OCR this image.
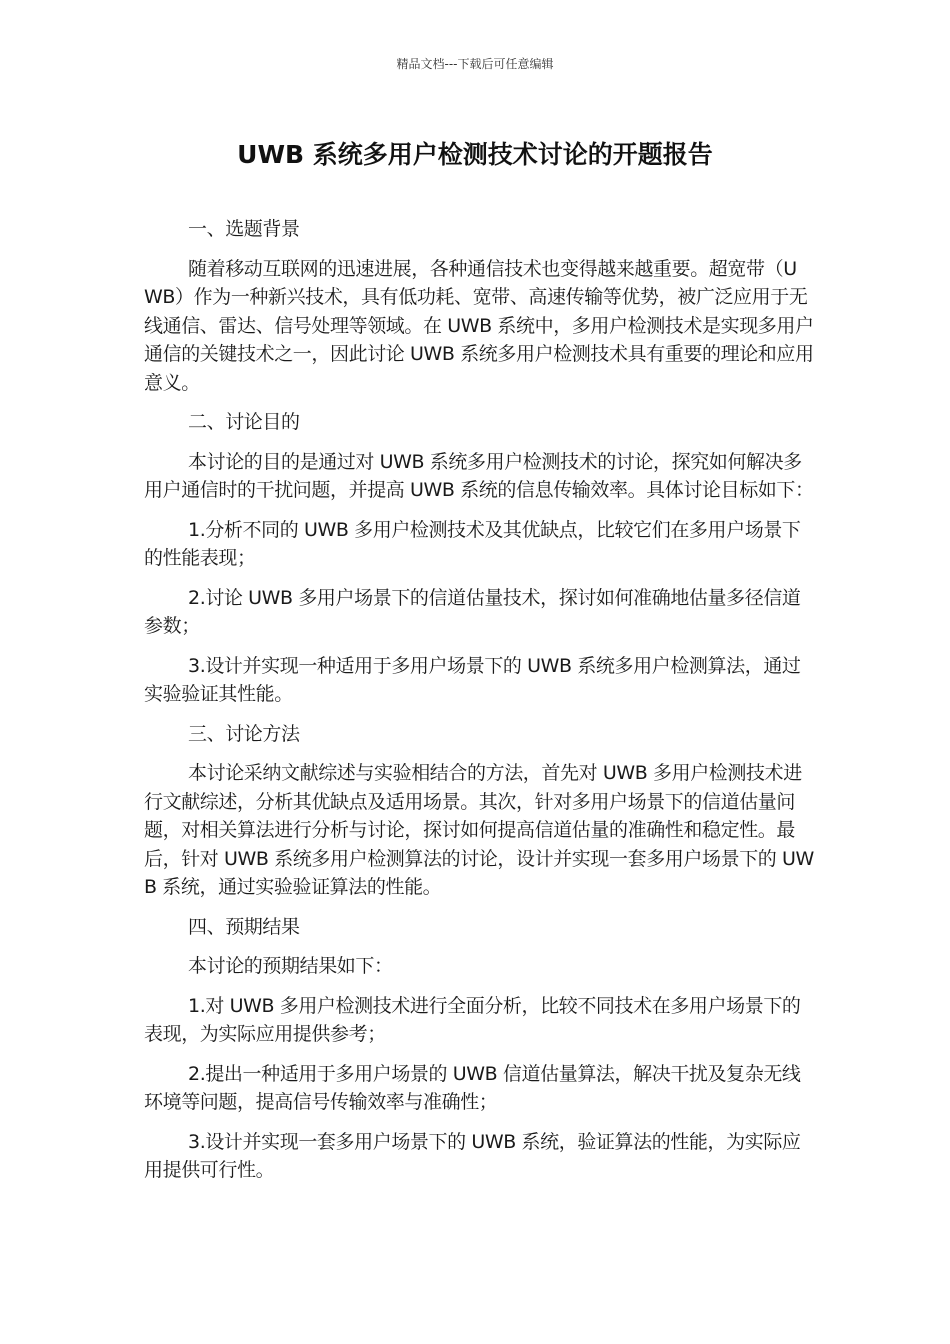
精品文档---下载后可任意编辑
UWB 系统多用户检测技术讨论的开题报告
一、选题背景

随着移动互联网的迅速进展，各种通信技术也变得越来越重要。超宽带（UWB）作为一种新兴技术，具有低功耗、宽带、高速传输等优势，被广泛应用于无线通信、雷达、信号处理等领域。在 UWB 系统中，多用户检测技术是实现多用户通信的关键技术之一，因此讨论 UWB 系统多用户检测技术具有重要的理论和应用意义。

二、讨论目的

本讨论的目的是通过对 UWB 系统多用户检测技术的讨论，探究如何解决多用户通信时的干扰问题，并提高 UWB 系统的信息传输效率。具体讨论目标如下：

1.分析不同的 UWB 多用户检测技术及其优缺点，比较它们在多用户场景下的性能表现；

2.讨论 UWB 多用户场景下的信道估量技术，探讨如何准确地估量多径信道参数；

3.设计并实现一种适用于多用户场景下的 UWB 系统多用户检测算法，通过实验验证其性能。

三、讨论方法

本讨论采纳文献综述与实验相结合的方法，首先对 UWB 多用户检测技术进行文献综述，分析其优缺点及适用场景。其次，针对多用户场景下的信道估量问题，对相关算法进行分析与讨论，探讨如何提高信道估量的准确性和稳定性。最后，针对 UWB 系统多用户检测算法的讨论，设计并实现一套多用户场景下的 UWB 系统，通过实验验证算法的性能。

四、预期结果

本讨论的预期结果如下：

1.对 UWB 多用户检测技术进行全面分析，比较不同技术在多用户场景下的表现，为实际应用提供参考；

2.提出一种适用于多用户场景的 UWB 信道估量算法，解决干扰及复杂无线环境等问题，提高信号传输效率与准确性；

3.设计并实现一套多用户场景下的 UWB 系统，验证算法的性能，为实际应用提供可行性。
